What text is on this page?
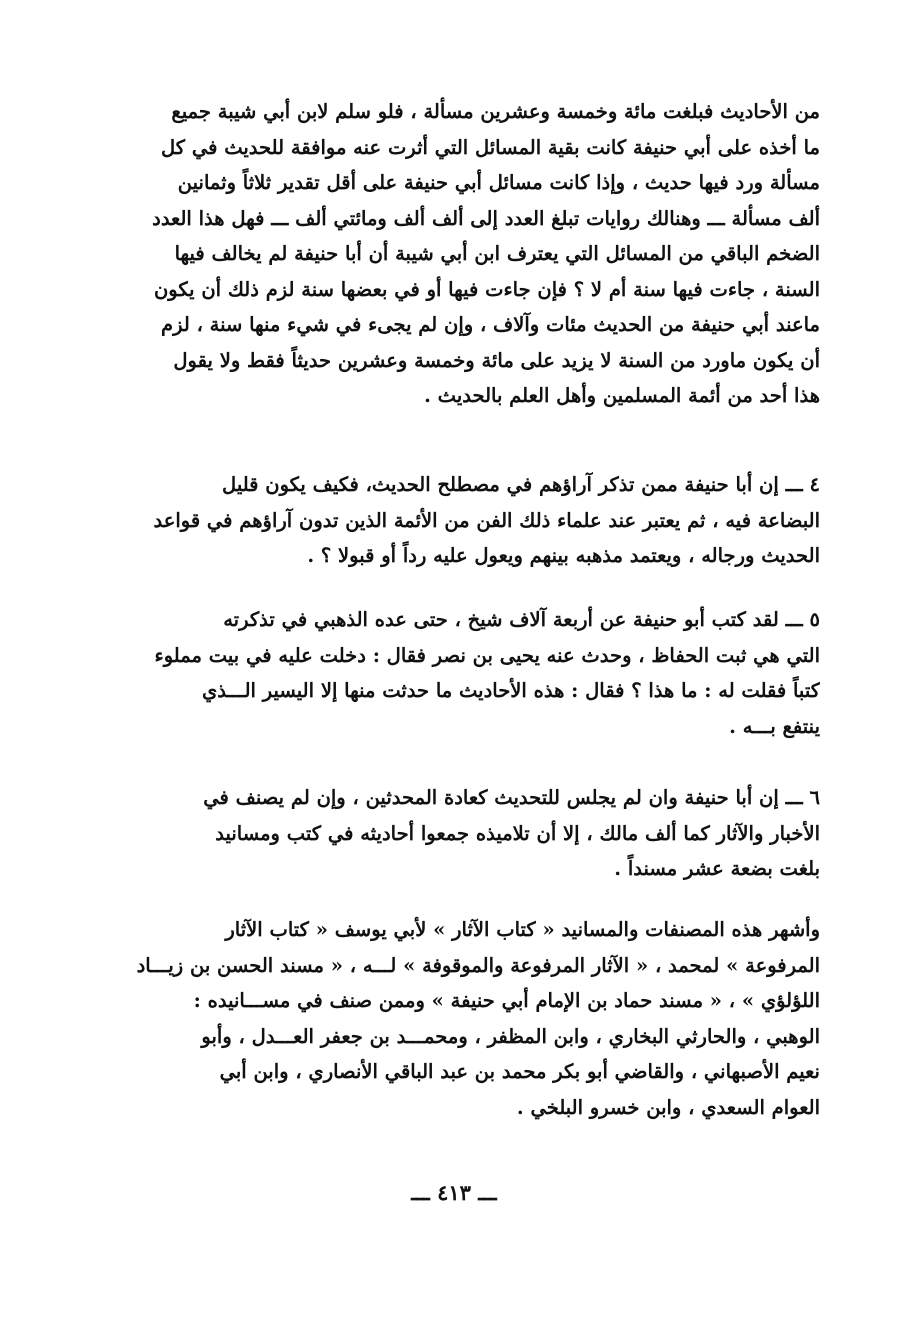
من الأحاديث فبلغت مائة وخمسة وعشرين مسألة ، فلو سلم لابن أبي شيبة جميع
ما أخذه على أبي حنيفة كانت بقية المسائل التي أثرت عنه موافقة للحديث في كل
مسألة ورد فيها حديث ، وإذا كانت مسائل أبي حنيفة على أقل تقدير ثلاثاً وثمانين
ألف مسألة ـــ وهنالك روايات تبلغ العدد إلى ألف ألف ومائتي ألف ـــ فهل هذا العدد
الضخم الباقي من المسائل التي يعترف ابن أبي شيبة أن أبا حنيفة لم يخالف فيها
السنة ، جاءت فيها سنة أم لا ؟ فإن جاءت فيها أو في بعضها سنة لزم ذلك أن يكون
ماعند أبي حنيفة من الحديث مئات وآلاف ، وإن لم يجىء في شيء منها سنة ، لزم
أن يكون ماورد من السنة لا يزيد على مائة وخمسة وعشرين حديثاً فقط ولا يقول
هذا أحد من أئمة المسلمين وأهل العلم بالحديث .
٤ ـــ إن أبا حنيفة ممن تذكر آراؤهم في مصطلح الحديث، فكيف يكون قليل
البضاعة فيه ، ثم يعتبر عند علماء ذلك الفن من الأئمة الذين تدون آراؤهم في قواعد
الحديث ورجاله ، ويعتمد مذهبه بينهم ويعول عليه رداً أو قبولا ؟ .
٥ ـــ لقد كتب أبو حنيفة عن أربعة آلاف شيخ ، حتى عده الذهبي في تذكرته
التي هي ثبت الحفاظ ، وحدث عنه يحيى بن نصر فقال : دخلت عليه في بيت مملوء
كتباً فقلت له : ما هذا ؟ فقال : هذه الأحاديث ما حدثت منها إلا اليسير الـــذي
ينتفع بـــه .
٦ ـــ إن أبا حنيفة وان لم يجلس للتحديث كعادة المحدثين ، وإن لم يصنف في
الأخبار والآثار كما ألف مالك ، إلا أن تلاميذه جمعوا أحاديثه في كتب ومسانيد
بلغت بضعة عشر مسنداً .
وأشهر هذه المصنفات والمسانيد « كتاب الآثار » لأبي يوسف « كتاب الآثار
المرفوعة » لمحمد ، « الآثار المرفوعة والموقوفة » لـــه ، « مسند الحسن بن زيـــاد
اللؤلؤي » ، « مسند حماد بن الإمام أبي حنيفة » وممن صنف في مســـانيده :
الوهبي ، والحارثي البخاري ، وابن المظفر ، ومحمـــد بن جعفر العـــدل ، وأبو
نعيم الأصبهاني ، والقاضي أبو بكر محمد بن عبد الباقي الأنصاري ، وابن أبي
العوام السعدي ، وابن خسرو البلخي .
ـــ ٤١٣ ـــ
